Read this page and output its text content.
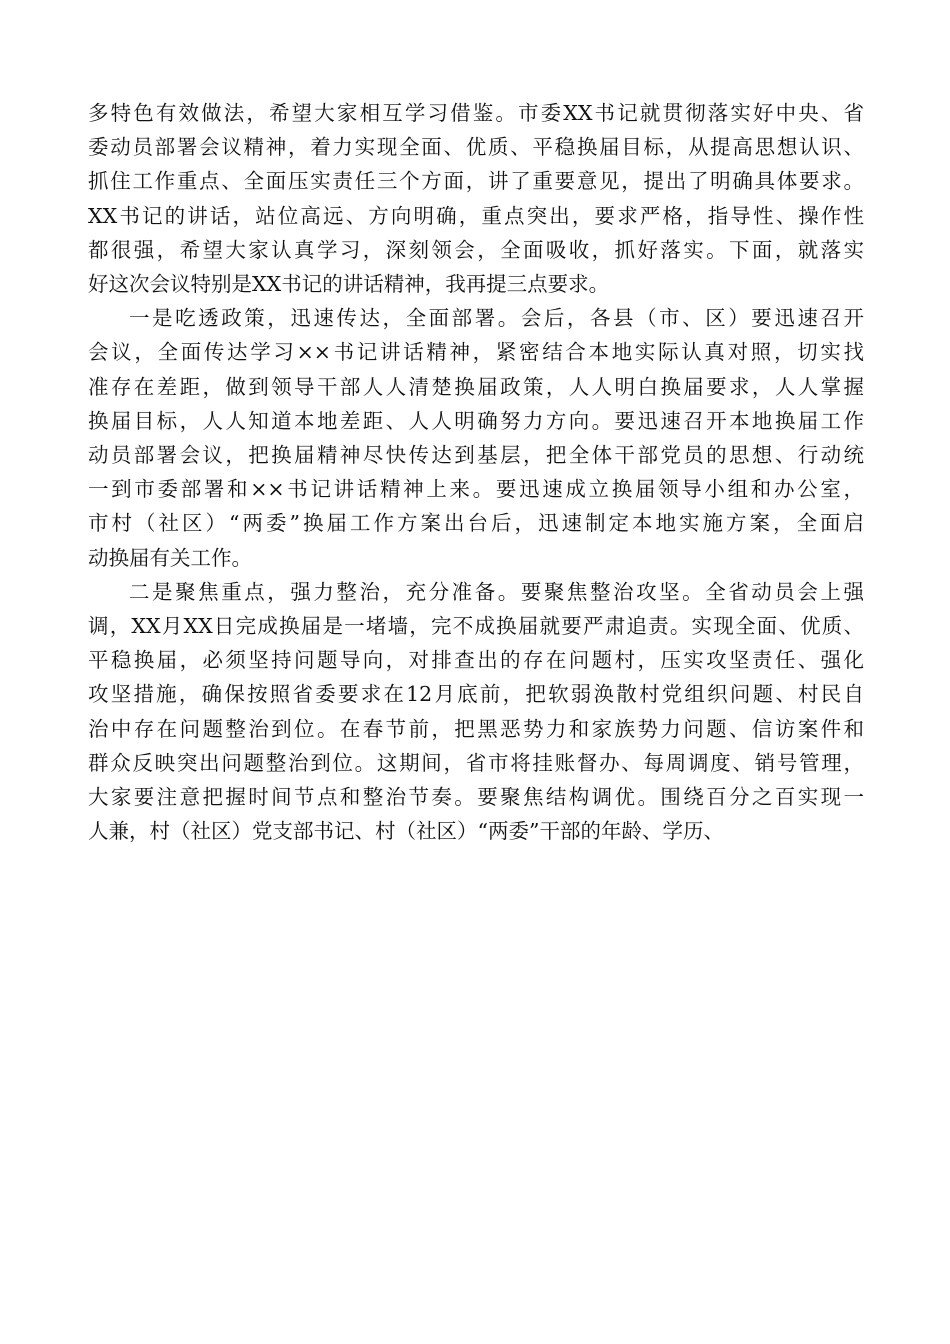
多特色有效做法，希望大家相互学习借鉴。市委XX书记就贯彻落实好中央、省
委动员部署会议精神，着力实现全面、优质、平稳换届目标，从提高思想认识、
抓住工作重点、全面压实责任三个方面，讲了重要意见，提出了明确具体要求。
XX书记的讲话，站位高远、方向明确，重点突出，要求严格，指导性、操作性
都很强，希望大家认真学习，深刻领会，全面吸收，抓好落实。下面，就落实
好这次会议特别是XX书记的讲话精神，我再提三点要求。
一是吃透政策，迅速传达，全面部署。会后，各县（市、区）要迅速召开
会议，全面传达学习××书记讲话精神，紧密结合本地实际认真对照，切实找
准存在差距，做到领导干部人人清楚换届政策，人人明白换届要求，人人掌握
换届目标，人人知道本地差距、人人明确努力方向。要迅速召开本地换届工作
动员部署会议，把换届精神尽快传达到基层，把全体干部党员的思想、行动统
一到市委部署和××书记讲话精神上来。要迅速成立换届领导小组和办公室，
市村（社区）“两委”换届工作方案出台后，迅速制定本地实施方案，全面启
动换届有关工作。
二是聚焦重点，强力整治，充分准备。要聚焦整治攻坚。全省动员会上强
调，XX月XX日完成换届是一堵墙，完不成换届就要严肃追责。实现全面、优质、
平稳换届，必须坚持问题导向，对排查出的存在问题村，压实攻坚责任、强化
攻坚措施，确保按照省委要求在12月底前，把软弱涣散村党组织问题、村民自
治中存在问题整治到位。在春节前，把黑恶势力和家族势力问题、信访案件和
群众反映突出问题整治到位。这期间，省市将挂账督办、每周调度、销号管理，
大家要注意把握时间节点和整治节奏。要聚焦结构调优。围绕百分之百实现一
人兼，村（社区）党支部书记、村（社区）“两委”干部的年龄、学历、
